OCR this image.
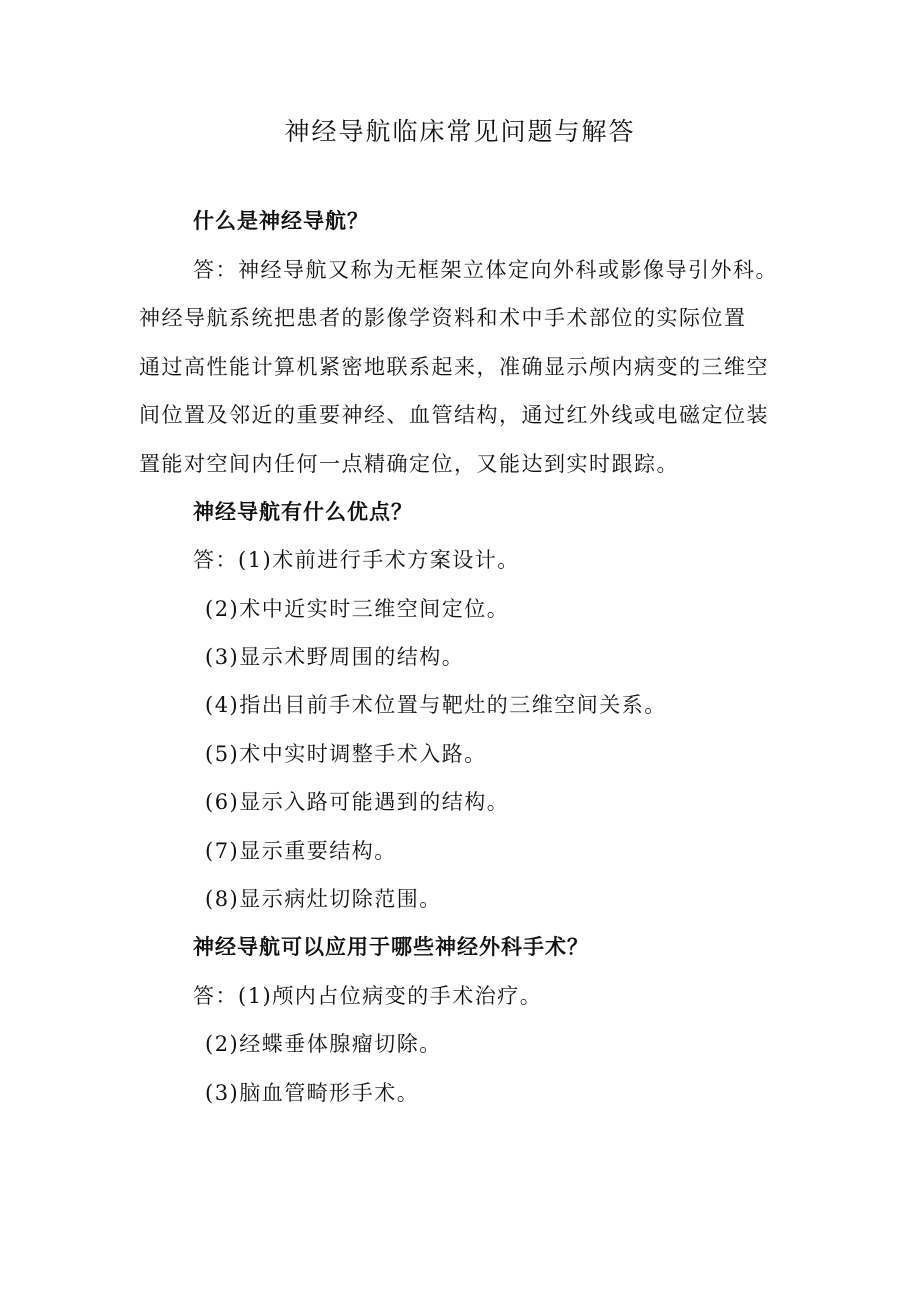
神经导航临床常见问题与解答
什么是神经导航？
答：神经导航又称为无框架立体定向外科或影像导引外科。
神经导航系统把患者的影像学资料和术中手术部位的实际位置
通过高性能计算机紧密地联系起来，准确显示颅内病变的三维空
间位置及邻近的重要神经、血管结构，通过红外线或电磁定位装
置能对空间内任何一点精确定位，又能达到实时跟踪。
神经导航有什么优点？
答：(1)术前进行手术方案设计。
(2)术中近实时三维空间定位。
(3)显示术野周围的结构。
(4)指出目前手术位置与靶灶的三维空间关系。
(5)术中实时调整手术入路。
(6)显示入路可能遇到的结构。
(7)显示重要结构。
(8)显示病灶切除范围。
神经导航可以应用于哪些神经外科手术？
答：(1)颅内占位病变的手术治疗。
(2)经蝶垂体腺瘤切除。
(3)脑血管畸形手术。
